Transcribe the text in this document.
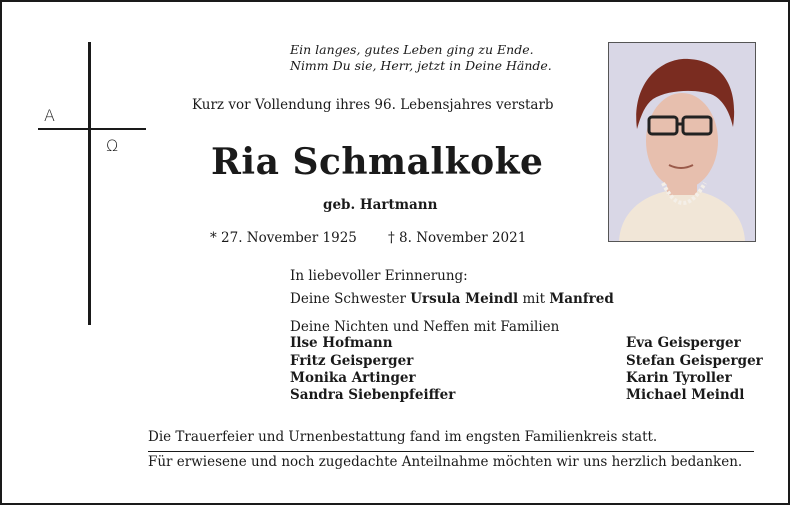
A
Ω
Ein langes, gutes Leben ging zu Ende.
Nimm Du sie, Herr, jetzt in Deine Hände.
Kurz vor Vollendung ihres 96. Lebensjahres verstarb
Ria Schmalkoke
geb. Hartmann
* 27. November 1925 † 8. November 2021
In liebevoller Erinnerung:
Deine Schwester Ursula Meindl mit Manfred
Deine Nichten und Neffen mit Familien
Ilse Hofmann
Fritz Geisperger
Monika Artinger
Sandra Siebenpfeiffer
Eva Geisperger
Stefan Geisperger
Karin Tyroller
Michael Meindl
Die Trauerfeier und Urnenbestattung fand im engsten Familienkreis statt.
Für erwiesene und noch zugedachte Anteilnahme möchten wir uns herzlich bedanken.
